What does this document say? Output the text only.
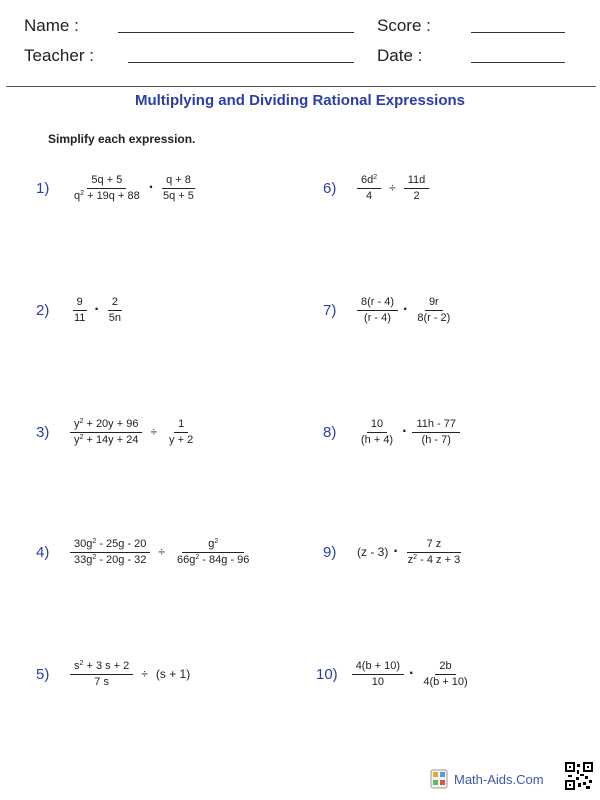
Name :	Score :
Teacher :	Date :
Multiplying and Dividing Rational Expressions
Simplify each expression.
1)	$\frac{5q + 5}{q^2 + 19q + 88} \cdot \frac{q + 8}{5q + 5}$
2)	$\frac{9}{11} \cdot \frac{2}{5n}$
3)	$\frac{y^2 + 20y + 96}{y^2 + 14y + 24} \div \frac{1}{y + 2}$
4)	$\frac{30g^2 - 25g - 20}{33g^2 - 20g - 32} \div \frac{g^2}{66g^2 - 84g - 96}$
5)	$\frac{s^2 + 3 s + 2}{7 s} \div (s + 1)$
6)	$\frac{6d^2}{4} \div \frac{11d}{2}$
7)	$\frac{8(r - 4)}{(r - 4)} \cdot \frac{9r}{8(r - 2)}$
8)	$\frac{10}{(h + 4)} \cdot \frac{11h - 77}{(h - 7)}$
9)	$(z - 3) \cdot \frac{7 z}{z^2 - 4 z + 3}$
$10) \frac{4(b + 10)}{10} \cdot \frac{2b}{4(b + 10)}$
Math-Aids.Com
